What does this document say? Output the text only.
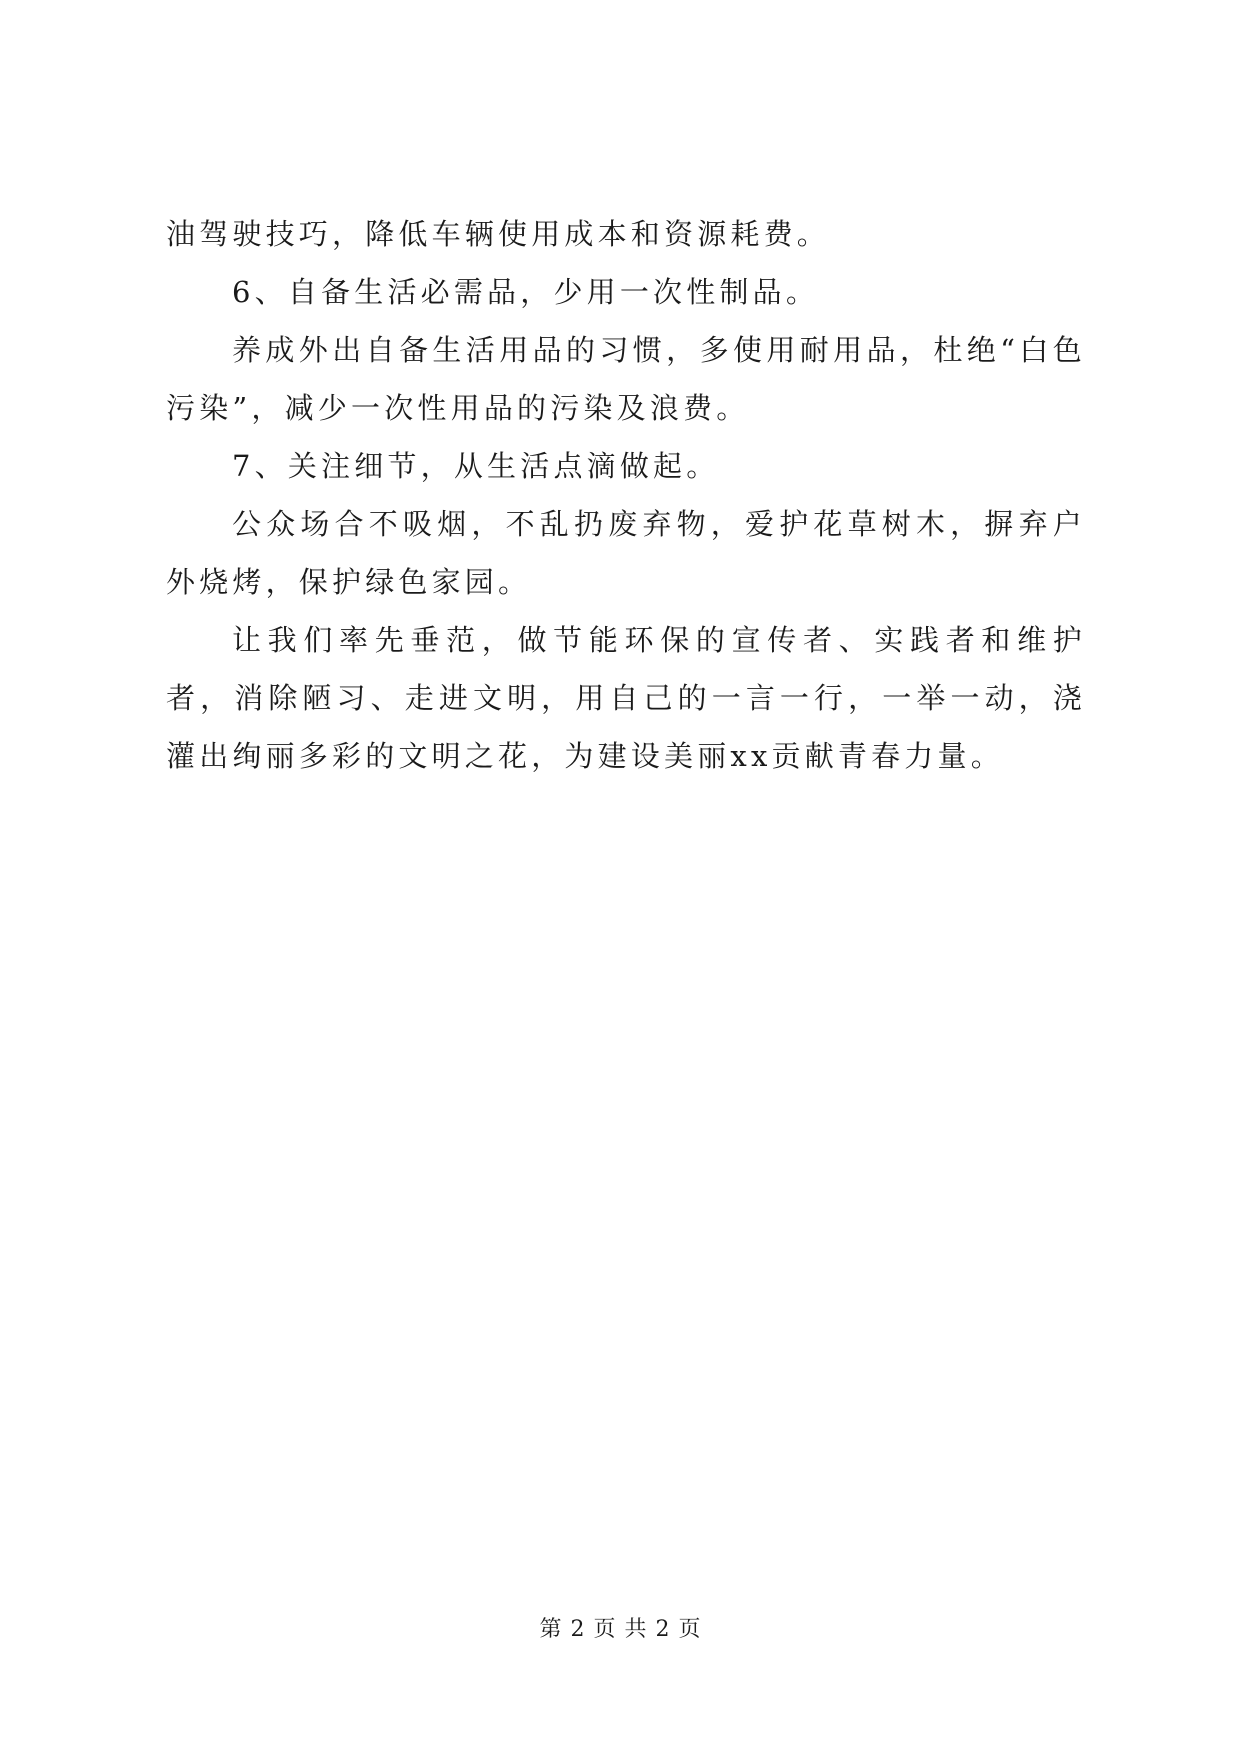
油驾驶技巧，降低车辆使用成本和资源耗费。

6、自备生活必需品，少用一次性制品。

养成外出自备生活用品的习惯，多使用耐用品，杜绝“白色污染”，减少一次性用品的污染及浪费。

7、关注细节，从生活点滴做起。

公众场合不吸烟，不乱扔废弃物，爱护花草树木，摒弃户外烧烤，保护绿色家园。

让我们率先垂范，做节能环保的宣传者、实践者和维护者，消除陋习、走进文明，用自己的一言一行，一举一动，浇灌出绚丽多彩的文明之花，为建设美丽xx贡献青春力量。

第 2 页 共 2 页
